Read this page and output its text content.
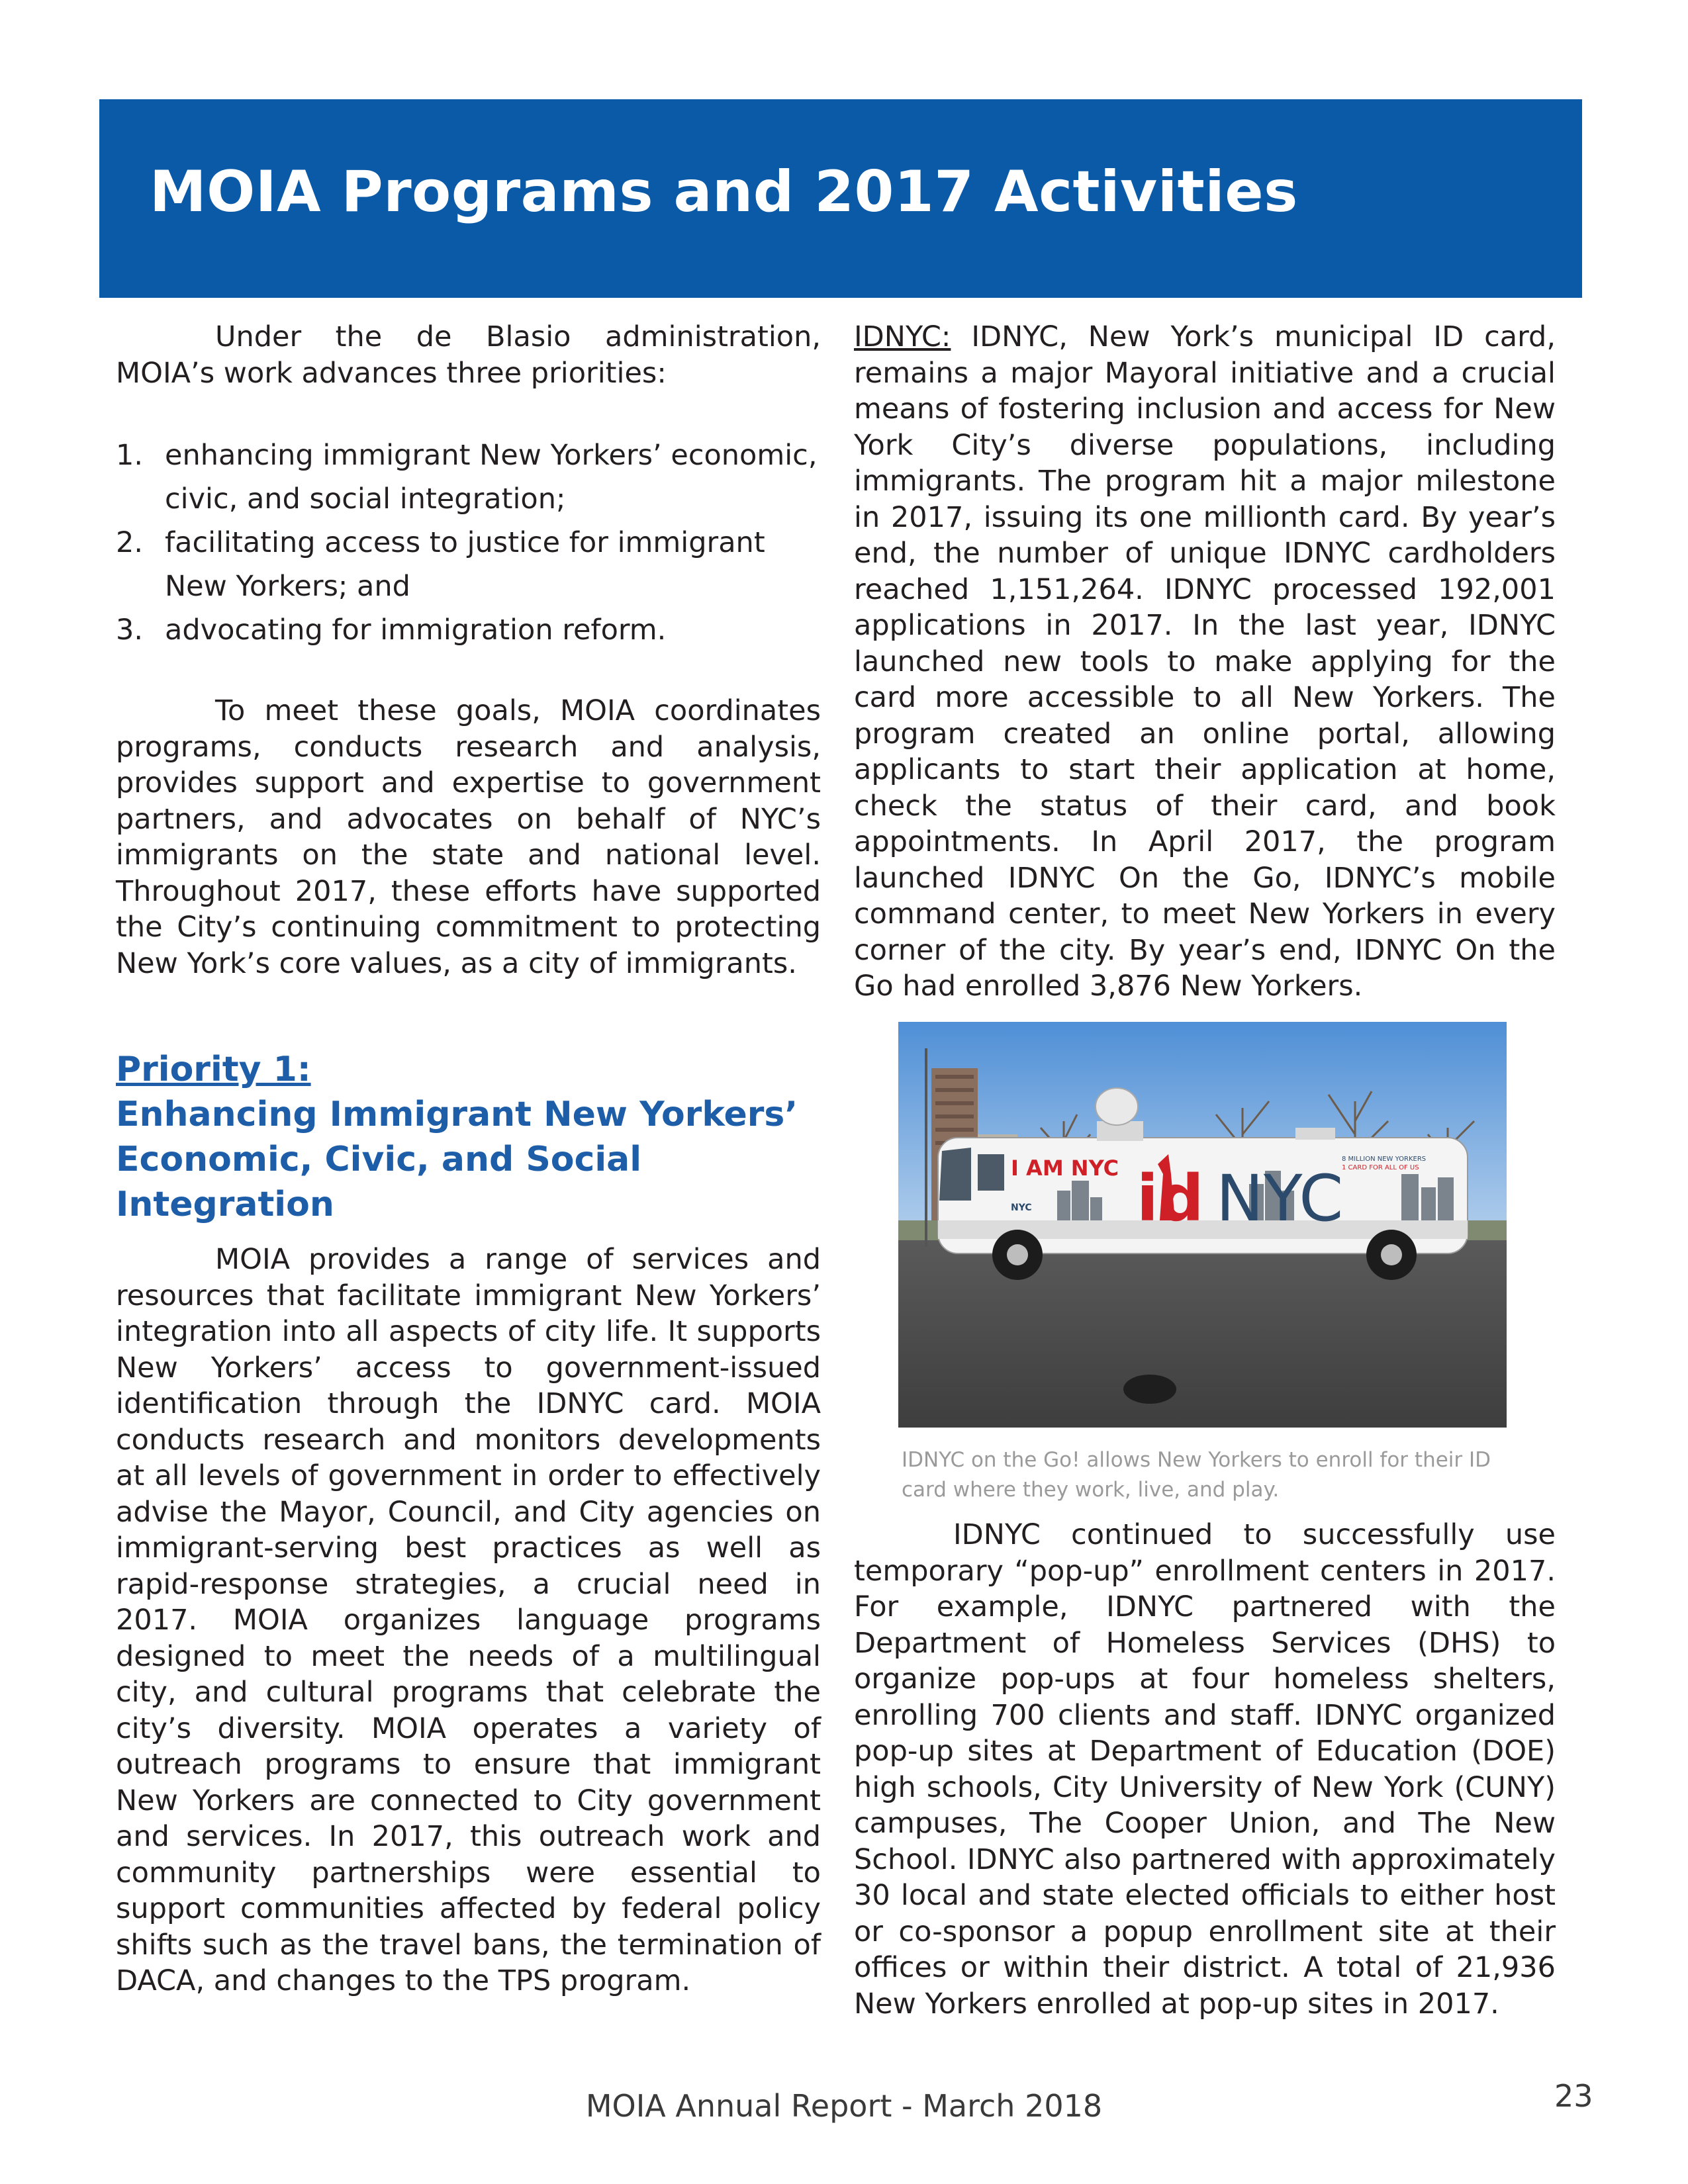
MOIA Programs and 2017 Activities

Under the de Blasio administration, MOIA’s work advances three priorities:

1. enhancing immigrant New Yorkers’ economic, civic, and social integration;
2. facilitating access to justice for immigrant New Yorkers; and
3. advocating for immigration reform.

To meet these goals, MOIA coordinates programs, conducts research and analysis, provides support and expertise to government partners, and advocates on behalf of NYC’s immigrants on the state and national level. Throughout 2017, these efforts have supported the City’s continuing commitment to protecting New York’s core values, as a city of immigrants.

Priority 1:
Enhancing Immigrant New Yorkers’ Economic, Civic, and Social Integration

MOIA provides a range of services and resources that facilitate immigrant New Yorkers’ integration into all aspects of city life. It supports New Yorkers’ access to government-issued identification through the IDNYC card. MOIA conducts research and monitors developments at all levels of government in order to effectively advise the Mayor, Council, and City agencies on immigrant-serving best practices as well as rapid-response strategies, a crucial need in 2017. MOIA organizes language programs designed to meet the needs of a multilingual city, and cultural programs that celebrate the city’s diversity. MOIA operates a variety of outreach programs to ensure that immigrant New Yorkers are connected to City government and services. In 2017, this outreach work and community partnerships were essential to support communities affected by federal policy shifts such as the travel bans, the termination of DACA, and changes to the TPS program.

IDNYC: IDNYC, New York’s municipal ID card, remains a major Mayoral initiative and a crucial means of fostering inclusion and access for New York City’s diverse populations, including immigrants. The program hit a major milestone in 2017, issuing its one millionth card. By year’s end, the number of unique IDNYC cardholders reached 1,151,264. IDNYC processed 192,001 applications in 2017. In the last year, IDNYC launched new tools to make applying for the card more accessible to all New Yorkers. The program created an online portal, allowing applicants to start their application at home, check the status of their card, and book appointments. In April 2017, the program launched IDNYC On the Go, IDNYC’s mobile command center, to meet New Yorkers in every corner of the city. By year’s end, IDNYC On the Go had enrolled 3,876 New Yorkers.

I AM NYC id NYC
NYC
8 MILLION NEW YORKERS
1 CARD FOR ALL OF US

IDNYC on the Go! allows New Yorkers to enroll for their ID card where they work, live, and play.

IDNYC continued to successfully use temporary “pop-up” enrollment centers in 2017. For example, IDNYC partnered with the Department of Homeless Services (DHS) to organize pop-ups at four homeless shelters, enrolling 700 clients and staff. IDNYC organized pop-up sites at Department of Education (DOE) high schools, City University of New York (CUNY) campuses, The Cooper Union, and The New School. IDNYC also partnered with approximately 30 local and state elected officials to either host or co-sponsor a popup enrollment site at their offices or within their district. A total of 21,936 New Yorkers enrolled at pop-up sites in 2017.

MOIA Annual Report - March 2018	23
